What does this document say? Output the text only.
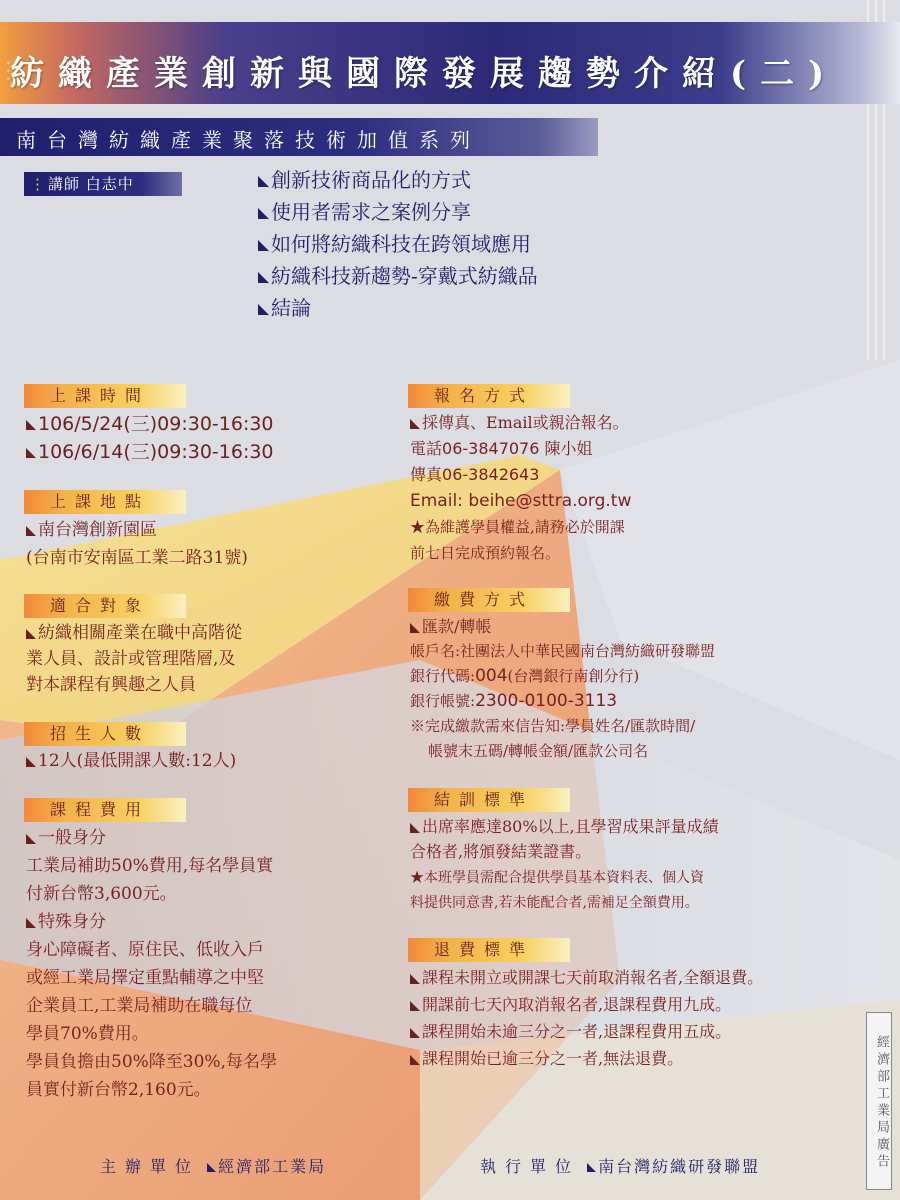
•
•
• 紡織產業創新與國際發展趨勢介紹(二)
南台灣紡織產業聚落技術加值系列
⋮ 講師 白志中	創新技術商品化的方式
使用者需求之案例分享
如何將紡織科技在跨領域應用
紡織科技新趨勢-穿戴式紡織品
結論
上課時間
106/5/24(三)09:30-16:30
106/6/14(三)09:30-16:30
上課地點
南台灣創新園區
(台南市安南區工業二路31號)
適合對象
紡織相關產業在職中高階從
業人員、設計或管理階層,及
對本課程有興趣之人員
招生人數
12人(最低開課人數:12人)
課程費用
一般身分
工業局補助50%費用,每名學員實
付新台幣3,600元。
特殊身分
身心障礙者、原住民、低收入戶
或經工業局擇定重點輔導之中堅
企業員工,工業局補助在職每位
學員70%費用。
學員負擔由50%降至30%,每名學
員實付新台幣2,160元。
報名方式
採傳真、Email或親洽報名。
電話06-3847076 陳小姐
傳真06-3842643
Email: beihe@sttra.org.tw
★為維護學員權益,請務必於開課
前七日完成預約報名。
繳費方式
匯款/轉帳
帳戶名:社團法人中華民國南台灣紡織研發聯盟
銀行代碼:004(台灣銀行南創分行)
銀行帳號:2300-0100-3113
※完成繳款需來信告知:學員姓名/匯款時間/
帳號末五碼/轉帳金額/匯款公司名
結訓標準
出席率應達80%以上,且學習成果評量成績
合格者,將頒發結業證書。
★本班學員需配合提供學員基本資料表、個人資
料提供同意書,若未能配合者,需補足全額費用。
退費標準
課程未開立或開課七天前取消報名者,全額退費。
開課前七天內取消報名者,退課程費用九成。
課程開始未逾三分之一者,退課程費用五成。
課程開始已逾三分之一者,無法退費。
主辦單位 經濟部工業局	執行單位 南台灣紡織研發聯盟	經濟部工業局廣告
